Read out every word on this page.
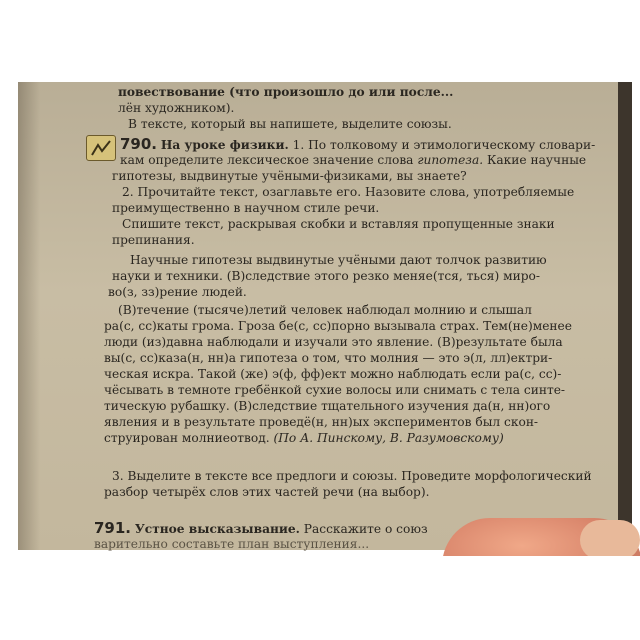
повествование (что произошло до или после...
лён художником).
В тексте, который вы напишете, выделите союзы.
790. На уроке физики. 1. По толковому и этимологическому словари-
кам определите лексическое значение слова гипотеза. Какие научные
гипотезы, выдвинутые учёными-физиками, вы знаете?
2. Прочитайте текст, озаглавьте его. Назовите слова, употребляемые
преимущественно в научном стиле речи.
Спишите текст, раскрывая скобки и вставляя пропущенные знаки
препинания.
Научные гипотезы выдвинутые учёными дают толчок развитию
науки и техники. (В)следствие этого резко меняе(тся, ться) миро-
во(з, зз)рение людей.
(В)течение (тысяче)летий человек наблюдал молнию и слышал
ра(с, сс)каты грома. Гроза бе(с, сс)порно вызывала страх. Тем(не)менее
люди (из)давна наблюдали и изучали это явление. (В)результате была
вы(с, сс)каза(н, нн)а гипотеза о том, что молния — это э(л, лл)ектри-
ческая искра. Такой (же) э(ф, фф)ект можно наблюдать если ра(с, сс)-
чёсывать в темноте гребёнкой сухие волосы или снимать с тела синте-
тическую рубашку. (В)следствие тщательного изучения да(н, нн)ого
явления и в результате проведё(н, нн)ых экспериментов был скон-
струирован молниеотвод. (По А. Пинскому, В. Разумовскому)
3. Выделите в тексте все предлоги и союзы. Проведите морфологический
разбор четырёх слов этих частей речи (на выбор).
791. Устное высказывание. Расскажите о союз
варительно составьте план выступления...
